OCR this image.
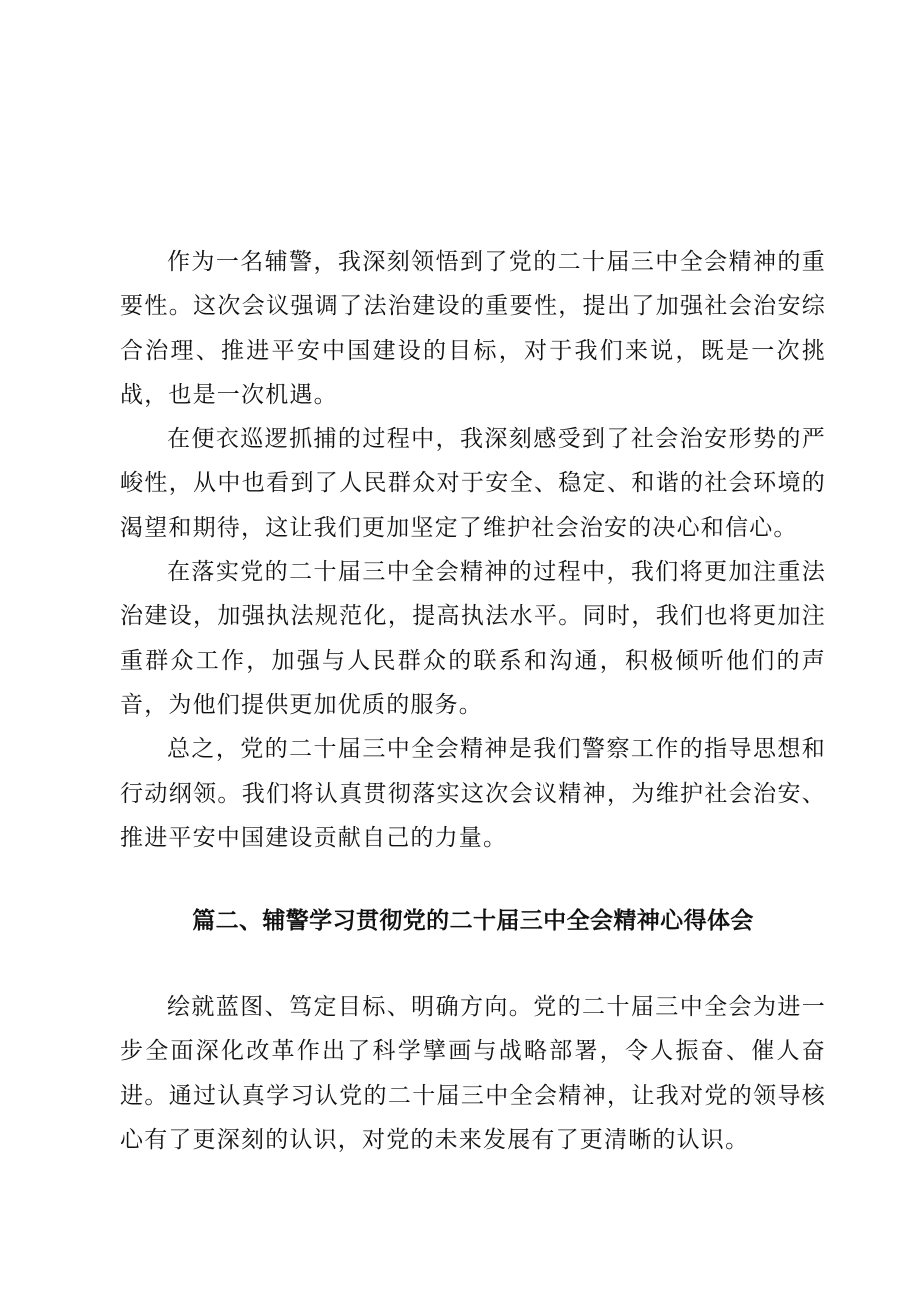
作为一名辅警，我深刻领悟到了党的二十届三中全会精神的重要性。这次会议强调了法治建设的重要性，提出了加强社会治安综合治理、推进平安中国建设的目标，对于我们来说，既是一次挑战，也是一次机遇。

在便衣巡逻抓捕的过程中，我深刻感受到了社会治安形势的严峻性，从中也看到了人民群众对于安全、稳定、和谐的社会环境的渴望和期待，这让我们更加坚定了维护社会治安的决心和信心。

在落实党的二十届三中全会精神的过程中，我们将更加注重法治建设，加强执法规范化，提高执法水平。同时，我们也将更加注重群众工作，加强与人民群众的联系和沟通，积极倾听他们的声音，为他们提供更加优质的服务。

总之，党的二十届三中全会精神是我们警察工作的指导思想和行动纲领。我们将认真贯彻落实这次会议精神，为维护社会治安、推进平安中国建设贡献自己的力量。

篇二、辅警学习贯彻党的二十届三中全会精神心得体会

绘就蓝图、笃定目标、明确方向。党的二十届三中全会为进一步全面深化改革作出了科学擘画与战略部署，令人振奋、催人奋进。通过认真学习认党的二十届三中全会精神，让我对党的领导核心有了更深刻的认识，对党的未来发展有了更清晰的认识。
